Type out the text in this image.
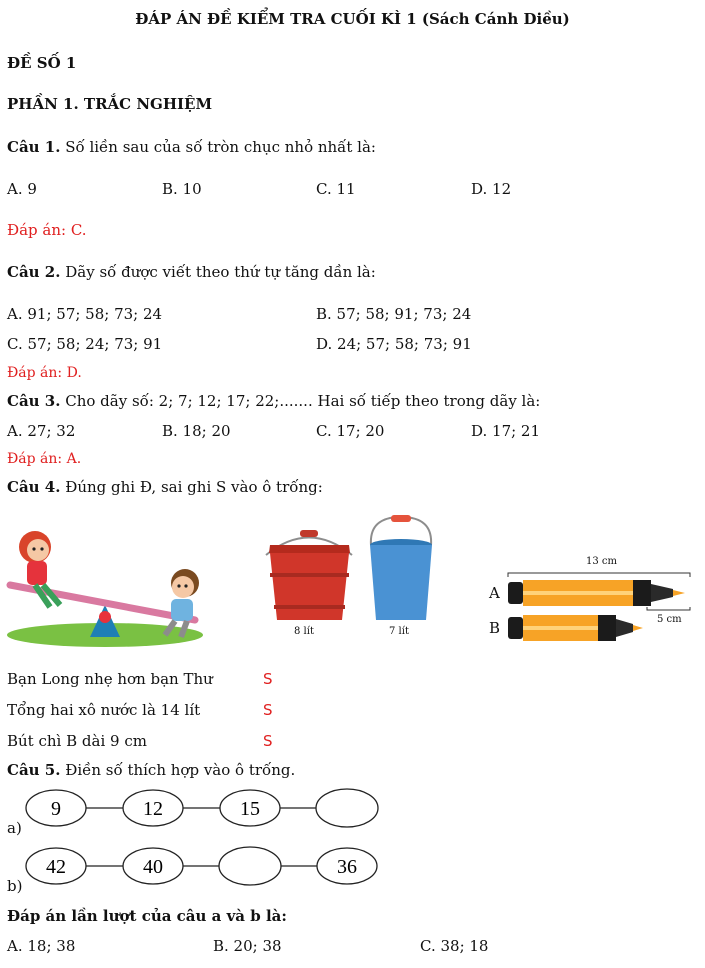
ĐÁP ÁN ĐỀ KIỂM TRA CUỐI KÌ 1 (Sách Cánh Diều)
ĐỀ SỐ 1
PHẦN 1. TRẮC NGHIỆM
Câu 1. Số liền sau của số tròn chục nhỏ nhất là:
A. 9	B. 10	C. 11	D. 12
Đáp án: C.
Câu 2. Dãy số được viết theo thứ tự tăng dần là:
A. 91; 57; 58; 73; 24	B. 57; 58; 91; 73; 24
C. 57; 58; 24; 73; 91	D. 24; 57; 58; 73; 91
Đáp án: D.
Câu 3. Cho dãy số: 2; 7; 12; 17; 22;....... Hai số tiếp theo trong dãy là:
A. 27; 32	B. 18; 20	C. 17; 20	D. 17; 21
Đáp án: A.
Câu 4. Đúng ghi Đ, sai ghi S vào ô trống:
8 lít	7 lít
A
B
13 cm
5 cm
Bạn Long nhẹ hơn bạn Thư	S
Tổng hai xô nước là 14 lít	S
Bút chì B dài 9 cm	S
Câu 5. Điền số thích hợp vào ô trống.
a)
b)
9	12	15
42	40	36
Đáp án lần lượt của câu a và b là:
A. 18; 38	B. 20; 38	C. 38; 18
